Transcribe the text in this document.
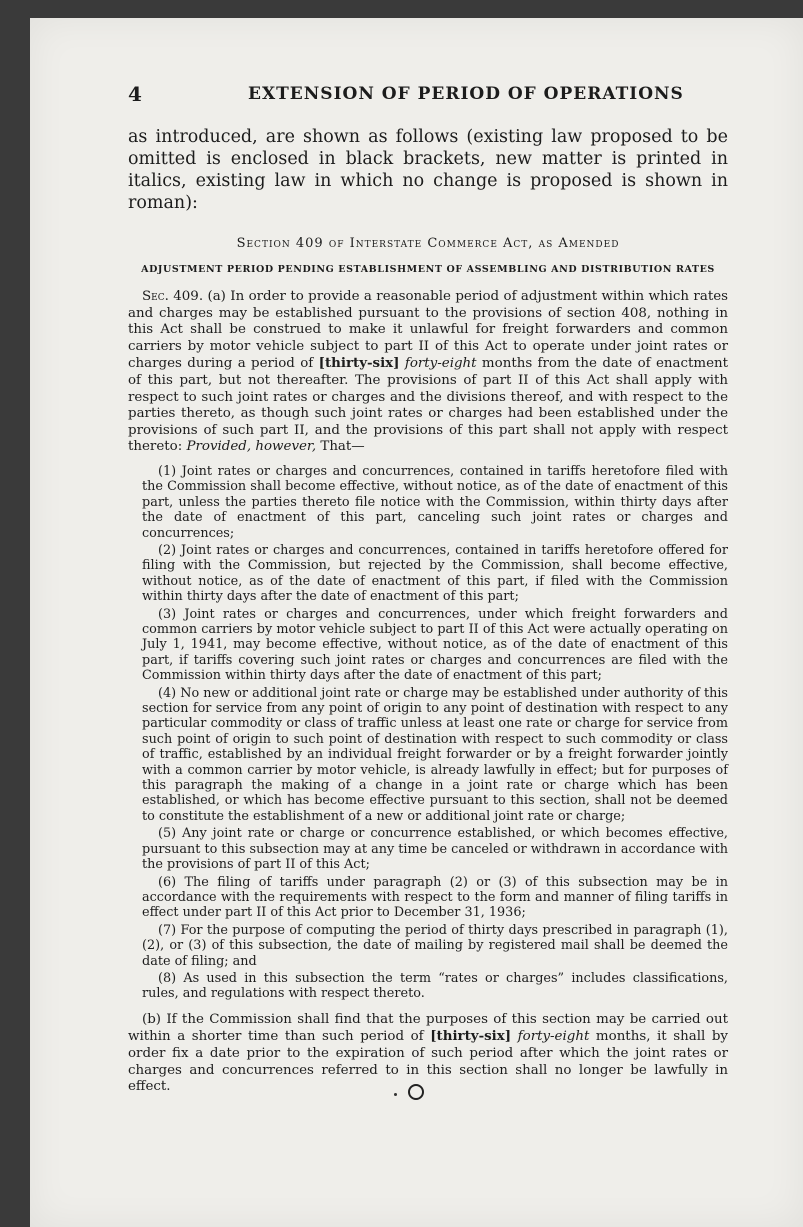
4	EXTENSION OF PERIOD OF OPERATIONS

as introduced, are shown as follows (existing law proposed to be omitted is enclosed in black brackets, new matter is printed in italics, existing law in which no change is proposed is shown in roman):

Section 409 of Interstate Commerce Act, as Amended

ADJUSTMENT PERIOD PENDING ESTABLISHMENT OF ASSEMBLING AND DISTRIBUTION RATES

Sec. 409. (a) In order to provide a reasonable period of adjustment within which rates and charges may be established pursuant to the provisions of section 408, nothing in this Act shall be construed to make it unlawful for freight forwarders and common carriers by motor vehicle subject to part II of this Act to operate under joint rates or charges during a period of [thirty-six] forty-eight months from the date of enactment of this part, but not thereafter. The provisions of part II of this Act shall apply with respect to such joint rates or charges and the divisions thereof, and with respect to the parties thereto, as though such joint rates or charges had been established under the provisions of such part II, and the provisions of this part shall not apply with respect thereto: Provided, however, That—

(1) Joint rates or charges and concurrences, contained in tariffs heretofore filed with the Commission shall become effective, without notice, as of the date of enactment of this part, unless the parties thereto file notice with the Commission, within thirty days after the date of enactment of this part, canceling such joint rates or charges and concurrences;
(2) Joint rates or charges and concurrences, contained in tariffs heretofore offered for filing with the Commission, but rejected by the Commission, shall become effective, without notice, as of the date of enactment of this part, if filed with the Commission within thirty days after the date of enactment of this part;
(3) Joint rates or charges and concurrences, under which freight forwarders and common carriers by motor vehicle subject to part II of this Act were actually operating on July 1, 1941, may become effective, without notice, as of the date of enactment of this part, if tariffs covering such joint rates or charges and concurrences are filed with the Commission within thirty days after the date of enactment of this part;
(4) No new or additional joint rate or charge may be established under authority of this section for service from any point of origin to any point of destination with respect to any particular commodity or class of traffic unless at least one rate or charge for service from such point of origin to such point of destination with respect to such commodity or class of traffic, established by an individual freight forwarder or by a freight forwarder jointly with a common carrier by motor vehicle, is already lawfully in effect; but for purposes of this paragraph the making of a change in a joint rate or charge which has been established, or which has become effective pursuant to this section, shall not be deemed to constitute the establishment of a new or additional joint rate or charge;
(5) Any joint rate or charge or concurrence established, or which becomes effective, pursuant to this subsection may at any time be canceled or withdrawn in accordance with the provisions of part II of this Act;
(6) The filing of tariffs under paragraph (2) or (3) of this subsection may be in accordance with the requirements with respect to the form and manner of filing tariffs in effect under part II of this Act prior to December 31, 1936;
(7) For the purpose of computing the period of thirty days prescribed in paragraph (1), (2), or (3) of this subsection, the date of mailing by registered mail shall be deemed the date of filing; and
(8) As used in this subsection the term “rates or charges” includes classifications, rules, and regulations with respect thereto.

(b) If the Commission shall find that the purposes of this section may be carried out within a shorter time than such period of [thirty-six] forty-eight months, it shall by order fix a date prior to the expiration of such period after which the joint rates or charges and concurrences referred to in this section shall no longer be lawfully in effect.
